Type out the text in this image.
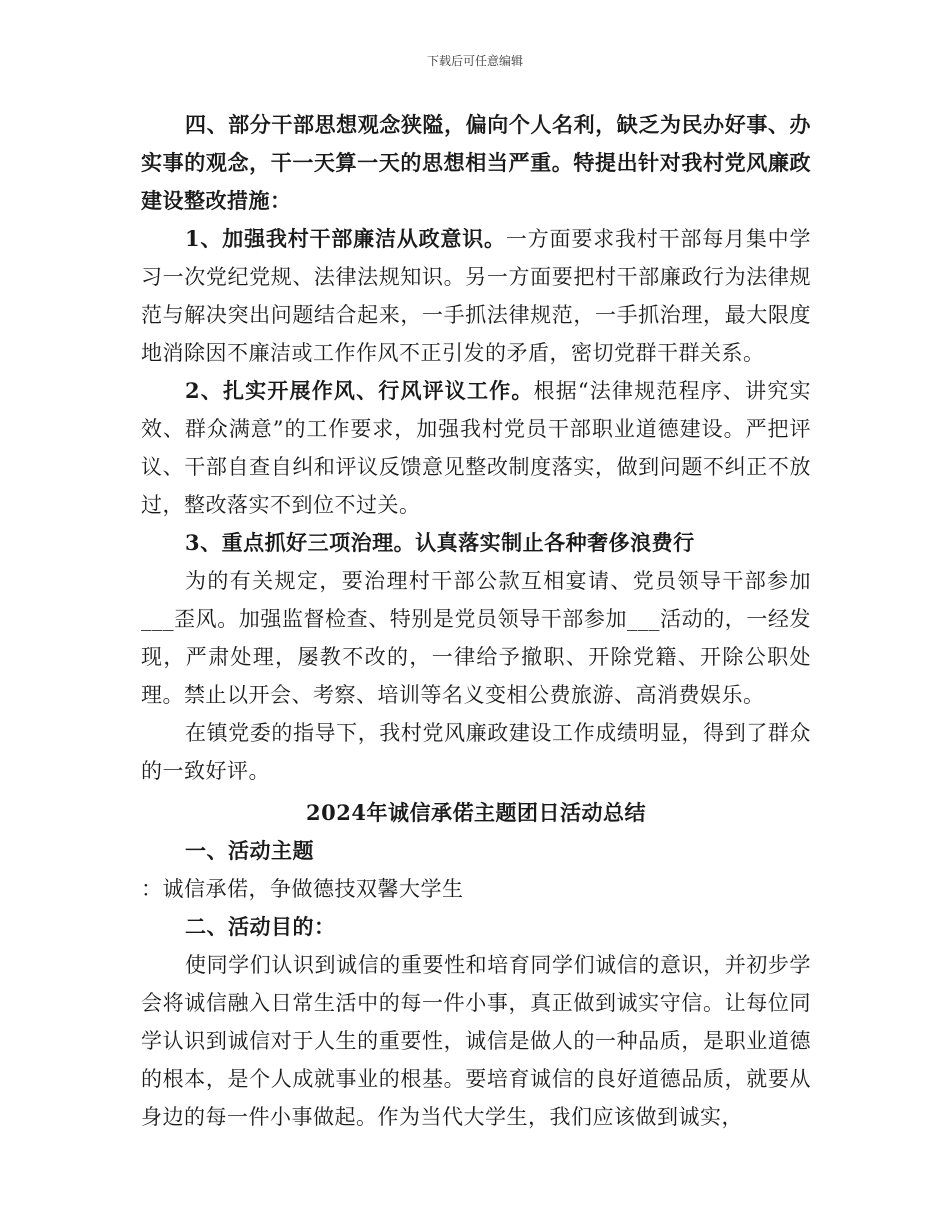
下载后可任意编辑

四、部分干部思想观念狭隘，偏向个人名利，缺乏为民办好事、办实事的观念，干一天算一天的思想相当严重。特提出针对我村党风廉政建设整改措施：

1、加强我村干部廉洁从政意识。一方面要求我村干部每月集中学习一次党纪党规、法律法规知识。另一方面要把村干部廉政行为法律规范与解决突出问题结合起来，一手抓法律规范，一手抓治理，最大限度地消除因不廉洁或工作作风不正引发的矛盾，密切党群干群关系。

2、扎实开展作风、行风评议工作。根据“法律规范程序、讲究实效、群众满意”的工作要求，加强我村党员干部职业道德建设。严把评议、干部自查自纠和评议反馈意见整改制度落实，做到问题不纠正不放过，整改落实不到位不过关。

3、重点抓好三项治理。认真落实制止各种奢侈浪费行

为的有关规定，要治理村干部公款互相宴请、党员领导干部参加___歪风。加强监督检查、特别是党员领导干部参加___活动的，一经发现，严肃处理，屡教不改的，一律给予撤职、开除党籍、开除公职处理。禁止以开会、考察、培训等名义变相公费旅游、高消费娱乐。

在镇党委的指导下，我村党风廉政建设工作成绩明显，得到了群众的一致好评。

2024年诚信承偌主题团日活动总结

一、活动主题

：诚信承偌，争做德技双馨大学生

二、活动目的：

使同学们认识到诚信的重要性和培育同学们诚信的意识，并初步学会将诚信融入日常生活中的每一件小事，真正做到诚实守信。让每位同学认识到诚信对于人生的重要性，诚信是做人的一种品质，是职业道德的根本，是个人成就事业的根基。要培育诚信的良好道德品质，就要从身边的每一件小事做起。作为当代大学生，我们应该做到诚实，
